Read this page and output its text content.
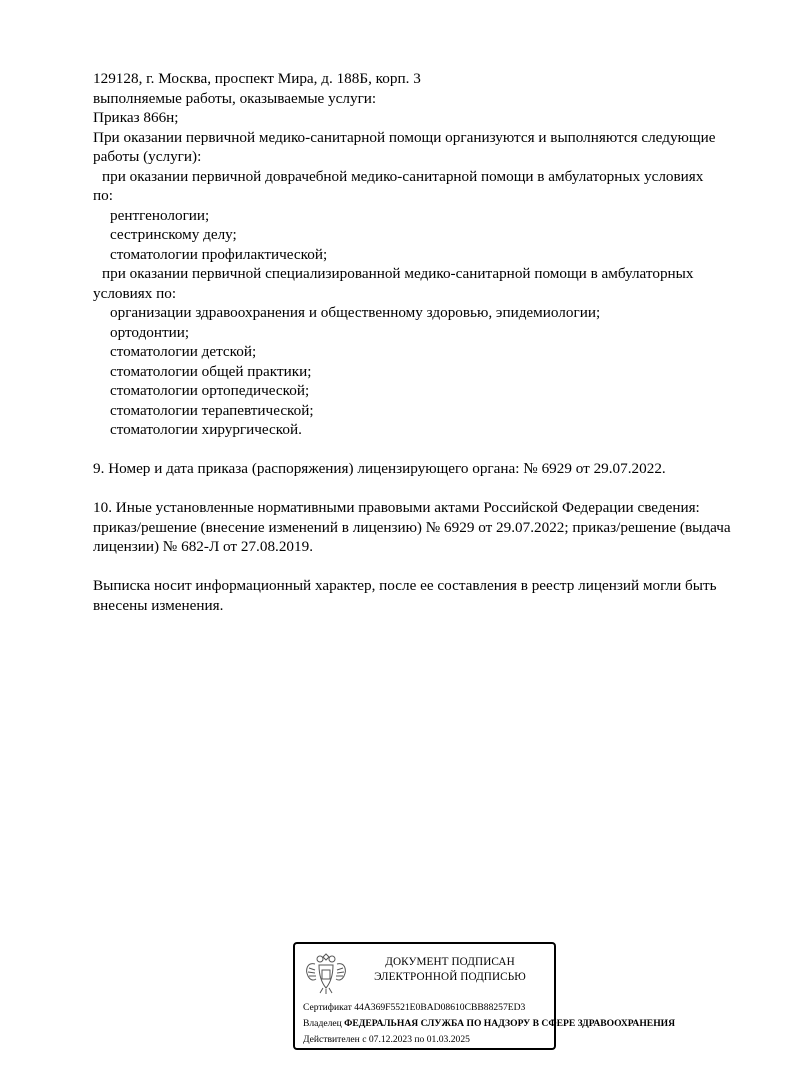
129128, г. Москва, проспект Мира, д. 188Б, корп. 3
выполняемые работы, оказываемые услуги:
Приказ 866н;
При оказании первичной медико-санитарной помощи организуются и выполняются следующие
работы (услуги):
при оказании первичной доврачебной медико-санитарной помощи в амбулаторных условиях
по:
рентгенологии;
сестринскому делу;
стоматологии профилактической;
при оказании первичной специализированной медико-санитарной помощи в амбулаторных
условиях по:
организации здравоохранения и общественному здоровью, эпидемиологии;
ортодонтии;
стоматологии детской;
стоматологии общей практики;
стоматологии ортопедической;
стоматологии терапевтической;
стоматологии хирургической.
9. Номер и дата приказа (распоряжения) лицензирующего органа: № 6929 от 29.07.2022.
10. Иные установленные нормативными правовыми актами Российской Федерации сведения:
приказ/решение (внесение изменений в лицензию) № 6929 от 29.07.2022; приказ/решение (выдача
лицензии) № 682-Л от 27.08.2019.
Выписка носит информационный характер, после ее составления в реестр лицензий могли быть
внесены изменения.
ДОКУМЕНТ ПОДПИСАН
ЭЛЕКТРОННОЙ ПОДПИСЬЮ
Сертификат 44A369F5521E0BAD08610CBB88257ED3
Владелец ФЕДЕРАЛЬНАЯ СЛУЖБА ПО НАДЗОРУ В СФЕРЕ ЗДРАВООХРАНЕНИЯ
Действителен с 07.12.2023 по 01.03.2025
